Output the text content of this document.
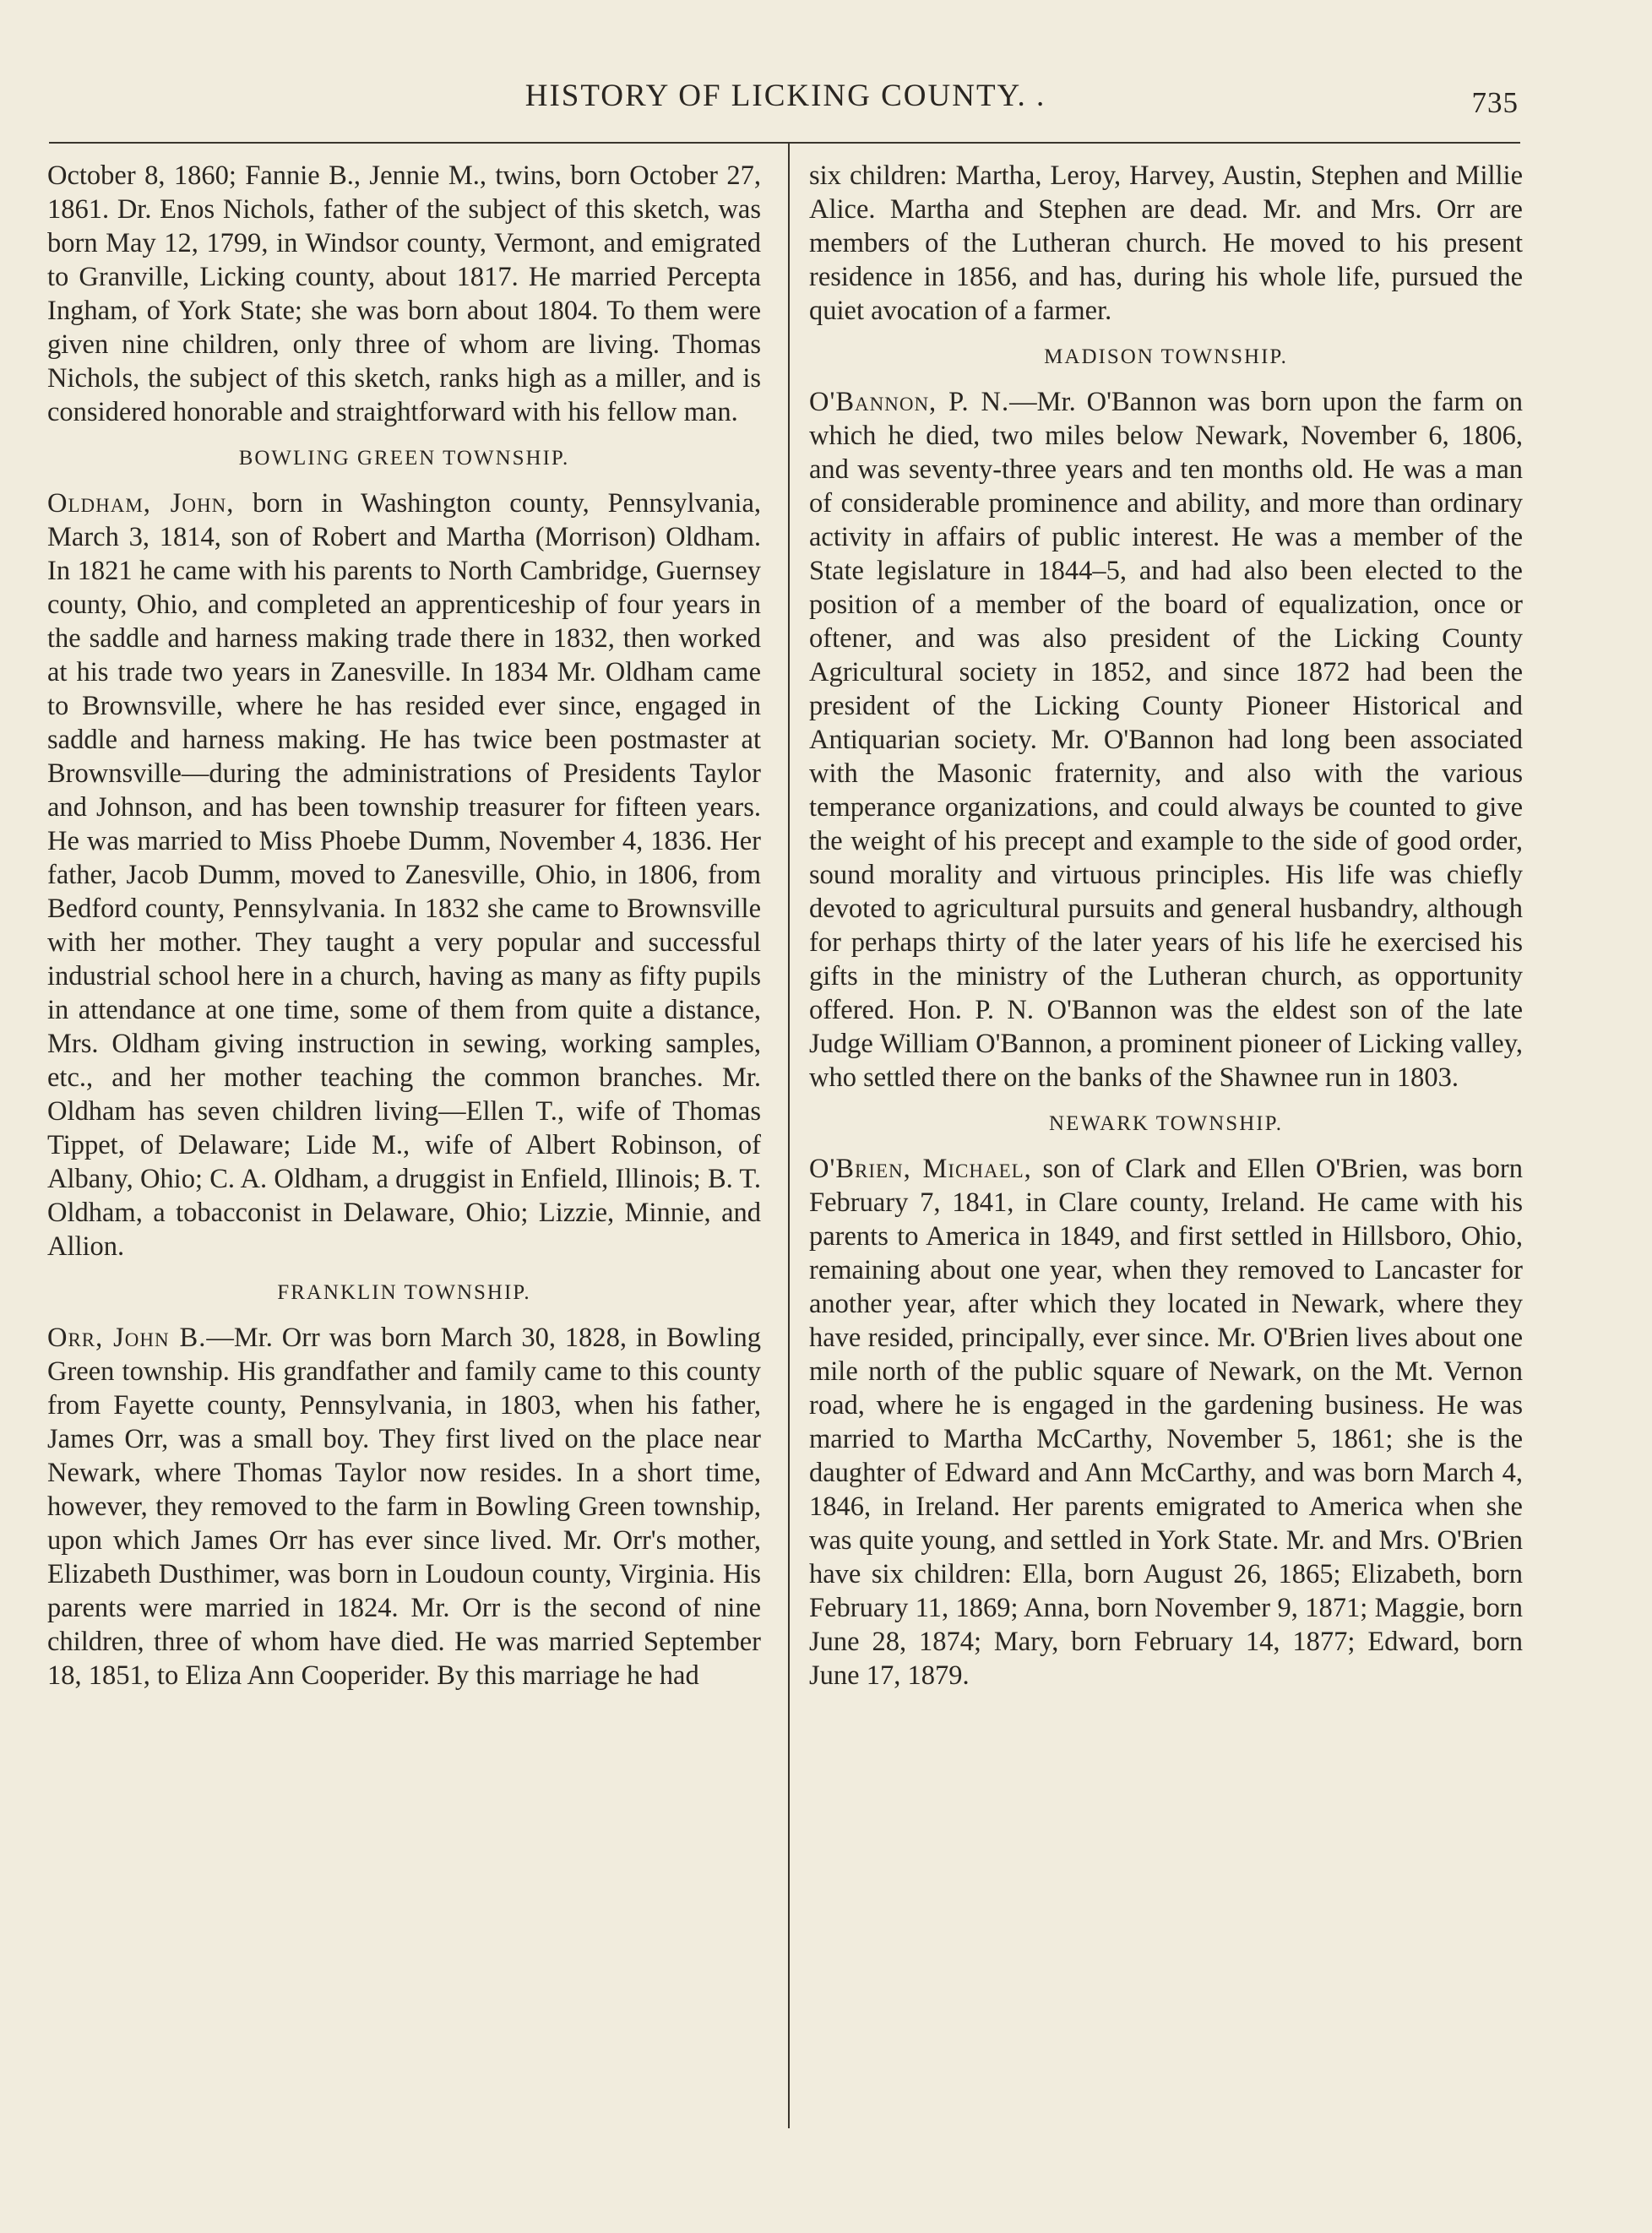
HISTORY OF LICKING COUNTY. .	735

October 8, 1860; Fannie B., Jennie M., twins, born October 27, 1861. Dr. Enos Nichols, father of the subject of this sketch, was born May 12, 1799, in Windsor county, Vermont, and emigrated to Granville, Licking county, about 1817. He married Percepta Ingham, of York State; she was born about 1804. To them were given nine children, only three of whom are living. Thomas Nichols, the subject of this sketch, ranks high as a miller, and is considered honorable and straightforward with his fellow man.

BOWLING GREEN TOWNSHIP.

Oldham, John, born in Washington county, Pennsylvania, March 3, 1814, son of Robert and Martha (Morrison) Oldham. In 1821 he came with his parents to North Cambridge, Guernsey county, Ohio, and completed an apprenticeship of four years in the saddle and harness making trade there in 1832, then worked at his trade two years in Zanesville. In 1834 Mr. Oldham came to Brownsville, where he has resided ever since, engaged in saddle and harness making. He has twice been postmaster at Brownsville—during the administrations of Presidents Taylor and Johnson, and has been township treasurer for fifteen years. He was married to Miss Phoebe Dumm, November 4, 1836. Her father, Jacob Dumm, moved to Zanesville, Ohio, in 1806, from Bedford county, Pennsylvania. In 1832 she came to Brownsville with her mother. They taught a very popular and successful industrial school here in a church, having as many as fifty pupils in attendance at one time, some of them from quite a distance, Mrs. Oldham giving instruction in sewing, working samples, etc., and her mother teaching the common branches. Mr. Oldham has seven children living—Ellen T., wife of Thomas Tippet, of Delaware; Lide M., wife of Albert Robinson, of Albany, Ohio; C. A. Oldham, a druggist in Enfield, Illinois; B. T. Oldham, a tobacconist in Delaware, Ohio; Lizzie, Minnie, and Allion.

FRANKLIN TOWNSHIP.

Orr, John B.—Mr. Orr was born March 30, 1828, in Bowling Green township. His grandfather and family came to this county from Fayette county, Pennsylvania, in 1803, when his father, James Orr, was a small boy. They first lived on the place near Newark, where Thomas Taylor now resides. In a short time, however, they removed to the farm in Bowling Green township, upon which James Orr has ever since lived. Mr. Orr's mother, Elizabeth Dusthimer, was born in Loudoun county, Virginia. His parents were married in 1824. Mr. Orr is the second of nine children, three of whom have died. He was married September 18, 1851, to Eliza Ann Cooperider. By this marriage he had

six children: Martha, Leroy, Harvey, Austin, Stephen and Millie Alice. Martha and Stephen are dead. Mr. and Mrs. Orr are members of the Lutheran church. He moved to his present residence in 1856, and has, during his whole life, pursued the quiet avocation of a farmer.

MADISON TOWNSHIP.

O'Bannon, P. N.—Mr. O'Bannon was born upon the farm on which he died, two miles below Newark, November 6, 1806, and was seventy-three years and ten months old. He was a man of considerable prominence and ability, and more than ordinary activity in affairs of public interest. He was a member of the State legislature in 1844–5, and had also been elected to the position of a member of the board of equalization, once or oftener, and was also president of the Licking County Agricultural society in 1852, and since 1872 had been the president of the Licking County Pioneer Historical and Antiquarian society. Mr. O'Bannon had long been associated with the Masonic fraternity, and also with the various temperance organizations, and could always be counted to give the weight of his precept and example to the side of good order, sound morality and virtuous principles. His life was chiefly devoted to agricultural pursuits and general husbandry, although for perhaps thirty of the later years of his life he exercised his gifts in the ministry of the Lutheran church, as opportunity offered. Hon. P. N. O'Bannon was the eldest son of the late Judge William O'Bannon, a prominent pioneer of Licking valley, who settled there on the banks of the Shawnee run in 1803.

NEWARK TOWNSHIP.

O'Brien, Michael, son of Clark and Ellen O'Brien, was born February 7, 1841, in Clare county, Ireland. He came with his parents to America in 1849, and first settled in Hillsboro, Ohio, remaining about one year, when they removed to Lancaster for another year, after which they located in Newark, where they have resided, principally, ever since. Mr. O'Brien lives about one mile north of the public square of Newark, on the Mt. Vernon road, where he is engaged in the gardening business. He was married to Martha McCarthy, November 5, 1861; she is the daughter of Edward and Ann McCarthy, and was born March 4, 1846, in Ireland. Her parents emigrated to America when she was quite young, and settled in York State. Mr. and Mrs. O'Brien have six children: Ella, born August 26, 1865; Elizabeth, born February 11, 1869; Anna, born November 9, 1871; Maggie, born June 28, 1874; Mary, born February 14, 1877; Edward, born June 17, 1879.
